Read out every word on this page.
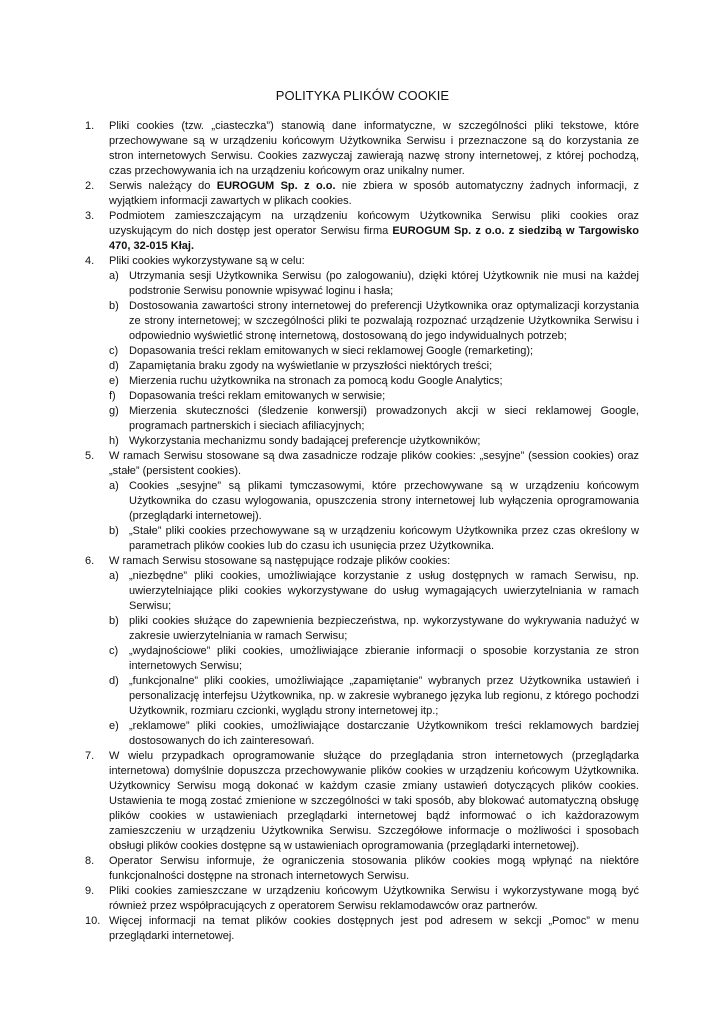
POLITYKA PLIKÓW COOKIE
1.	Pliki cookies (tzw. „ciasteczka”) stanowią dane informatyczne, w szczególności pliki tekstowe, które przechowywane są w urządzeniu końcowym Użytkownika Serwisu i przeznaczone są do korzystania ze stron internetowych Serwisu. Cookies zazwyczaj zawierają nazwę strony internetowej, z której pochodzą, czas przechowywania ich na urządzeniu końcowym oraz unikalny numer.
2.	Serwis należący do EUROGUM Sp. z o.o. nie zbiera w sposób automatyczny żadnych informacji, z wyjątkiem informacji zawartych w plikach cookies.
3.	Podmiotem zamieszczającym na urządzeniu końcowym Użytkownika Serwisu pliki cookies oraz uzyskującym do nich dostęp jest operator Serwisu firma EUROGUM Sp. z o.o. z siedzibą w Targowisko 470, 32-015 Kłaj.
4.	Pliki cookies wykorzystywane są w celu:
a) Utrzymania sesji Użytkownika Serwisu (po zalogowaniu), dzięki której Użytkownik nie musi na każdej podstronie Serwisu ponownie wpisywać loginu i hasła;
b) Dostosowania zawartości strony internetowej do preferencji Użytkownika oraz optymalizacji korzystania ze strony internetowej; w szczególności pliki te pozwalają rozpoznać urządzenie Użytkownika Serwisu i odpowiednio wyświetlić stronę internetową, dostosowaną do jego indywidualnych potrzeb;
c) Dopasowania treści reklam emitowanych w sieci reklamowej Google (remarketing);
d) Zapamiętania braku zgody na wyświetlanie w przyszłości niektórych treści;
e) Mierzenia ruchu użytkownika na stronach za pomocą kodu Google Analytics;
f)	Dopasowania treści reklam emitowanych w serwisie;
g) Mierzenia skuteczności (śledzenie konwersji) prowadzonych akcji w sieci reklamowej Google, programach partnerskich i sieciach afiliacyjnych;
h) Wykorzystania mechanizmu sondy badającej preferencje użytkowników;
5.	W ramach Serwisu stosowane są dwa zasadnicze rodzaje plików cookies: „sesyjne” (session cookies) oraz „stałe” (persistent cookies).
a) Cookies „sesyjne” są plikami tymczasowymi, które przechowywane są w urządzeniu końcowym Użytkownika do czasu wylogowania, opuszczenia strony internetowej lub wyłączenia oprogramowania (przeglądarki internetowej).
b) „Stałe” pliki cookies przechowywane są w urządzeniu końcowym Użytkownika przez czas określony w parametrach plików cookies lub do czasu ich usunięcia przez Użytkownika.
6.	W ramach Serwisu stosowane są następujące rodzaje plików cookies:
a) „niezbędne” pliki cookies, umożliwiające korzystanie z usług dostępnych w ramach Serwisu, np. uwierzytelniające pliki cookies wykorzystywane do usług wymagających uwierzytelniania w ramach Serwisu;
b) pliki cookies służące do zapewnienia bezpieczeństwa, np. wykorzystywane do wykrywania nadużyć w zakresie uwierzytelniania w ramach Serwisu;
c) „wydajnościowe” pliki cookies, umożliwiające zbieranie informacji o sposobie korzystania ze stron internetowych Serwisu;
d) „funkcjonalne” pliki cookies, umożliwiające „zapamiętanie” wybranych przez Użytkownika ustawień i personalizację interfejsu Użytkownika, np. w zakresie wybranego języka lub regionu, z którego pochodzi Użytkownik, rozmiaru czcionki, wyglądu strony internetowej itp.;
e) „reklamowe” pliki cookies, umożliwiające dostarczanie Użytkownikom treści reklamowych bardziej dostosowanych do ich zainteresowań.
7.	W wielu przypadkach oprogramowanie służące do przeglądania stron internetowych (przeglądarka internetowa) domyślnie dopuszcza przechowywanie plików cookies w urządzeniu końcowym Użytkownika. Użytkownicy Serwisu mogą dokonać w każdym czasie zmiany ustawień dotyczących plików cookies. Ustawienia te mogą zostać zmienione w szczególności w taki sposób, aby blokować automatyczną obsługę plików cookies w ustawieniach przeglądarki internetowej bądź informować o ich każdorazowym zamieszczeniu w urządzeniu Użytkownika Serwisu. Szczegółowe informacje o możliwości i sposobach obsługi plików cookies dostępne są w ustawieniach oprogramowania (przeglądarki internetowej).
8.	Operator Serwisu informuje, że ograniczenia stosowania plików cookies mogą wpłynąć na niektóre funkcjonalności dostępne na stronach internetowych Serwisu.
9.	Pliki cookies zamieszczane w urządzeniu końcowym Użytkownika Serwisu i wykorzystywane mogą być również przez współpracujących z operatorem Serwisu reklamodawców oraz partnerów.
10. Więcej informacji na temat plików cookies dostępnych jest pod adresem w sekcji „Pomoc” w menu przeglądarki internetowej.
